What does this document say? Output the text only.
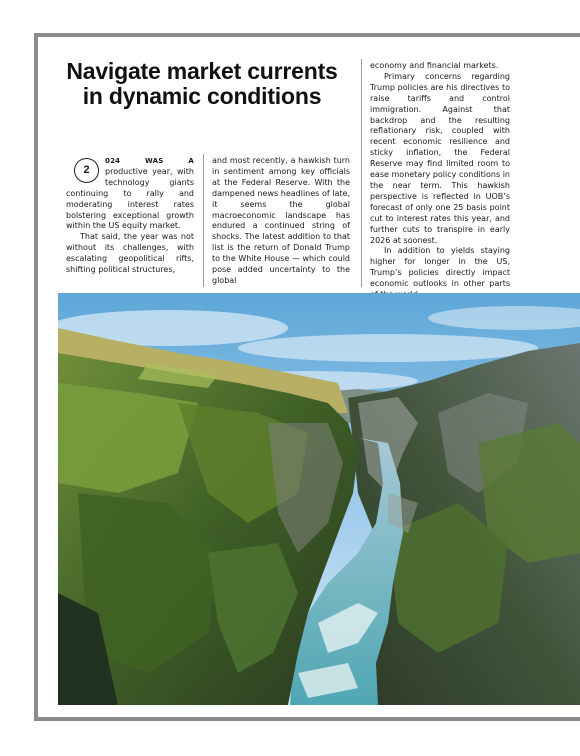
Navigate market currents
in dynamic conditions

2
024 WAS A productive year, with technology giants continuing to rally and moderating interest rates bolstering exceptional growth within the US equity market.

That said, the year was not without its challenges, with escalating geopolitical rifts, shifting political structures,

and most recently, a hawkish turn in sentiment among key officials at the Federal Reserve. With the dampened news headlines of late, it seems the global macroeconomic landscape has endured a continued string of shocks. The latest addition to that list is the return of Donald Trump to the White House — which could pose added uncertainty to the global

economy and financial markets.

Primary concerns regarding Trump policies are his directives to raise tariffs and control immigration. Against that backdrop and the resulting reflationary risk, coupled with recent economic resilience and sticky inflation, the Federal Reserve may find limited room to ease monetary policy conditions in the near term. This hawkish perspective is reflected in UOB’s forecast of only one 25 basis point cut to interest rates this year, and further cuts to transpire in early 2026 at soonest.

In addition to yields staying higher for longer in the US, Trump’s policies directly impact economic outlooks in other parts
